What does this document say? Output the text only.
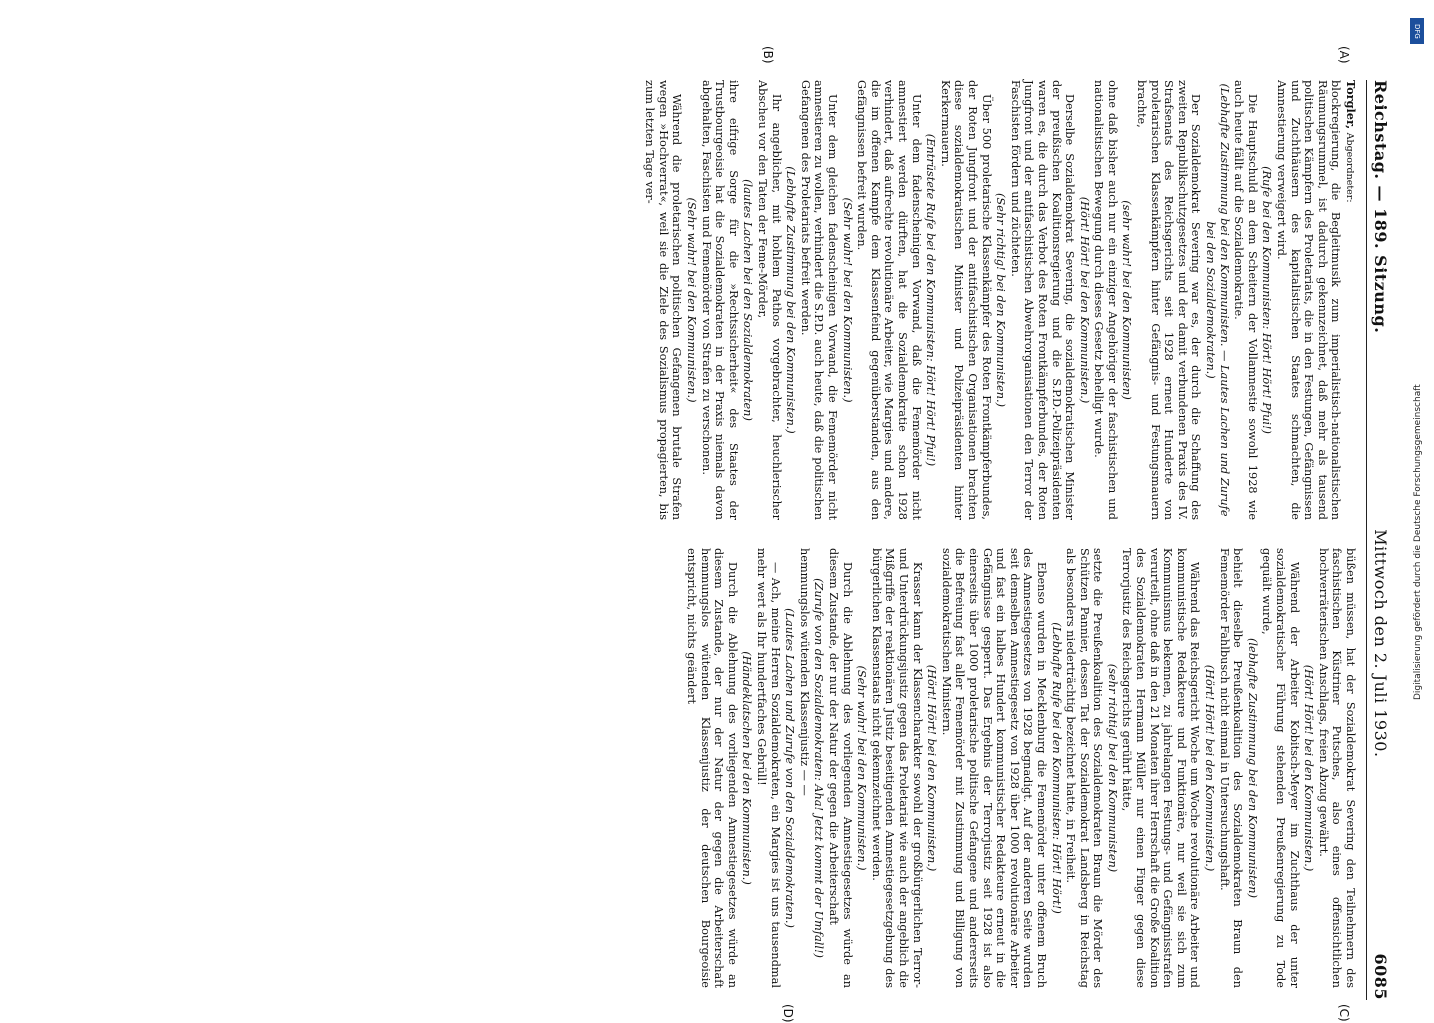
Reichstag. — 189. Sitzung.
Mittwoch den 2. Juli 1930.
6085
(A)
(B)
(C)
(D)

Torgler, Abgeordneter:

blockregierung, die Begleitmusik zum imperialistisch-nationalistischen Räumungsrummel, ist dadurch gekennzeichnet, daß mehr als tausend politischen Kämpfern des Proletariats, die in den Festungen, Gefängnissen und Zuchthäusern des kapitalistischen Staates schmachten, die Amnestierung verweigert wird.

(Rufe bei den Kommunisten: Hört! Hört! Pfui!)

Die Hauptschuld an dem Scheitern der Vollamnestie sowohl 1928 wie auch heute fällt auf die Sozialdemokratie.

(Lebhafte Zustimmung bei den Kommunisten. — Lautes Lachen und Zurufe bei den Sozialdemokraten.)

Der Sozialdemokrat Severing war es, der durch die Schaffung des zweiten Republikschutzgesetzes und der damit verbundenen Praxis des IV. Strafsenats des Reichsgerichts seit 1928 erneut Hunderte von proletarischen Klassenkämpfern hinter Gefängnis- und Festungsmauern brachte,

(sehr wahr! bei den Kommunisten)

ohne daß bisher auch nur ein einziger Angehöriger der faschistischen und nationalistischen Bewegung durch dieses Gesetz behelligt wurde.

(Hört! Hört! bei den Kommunisten.)

Derselbe Sozialdemokrat Severing, die sozialdemokratischen Minister der preußischen Koalitionsregierung und die S.P.D.-Polizeipräsidenten waren es, die durch das Verbot des Roten Frontkämpferbundes, der Roten Jungfront und der antifaschistischen Abwehrorganisationen den Terror der Faschisten fördern und züchteten.

(Sehr richtig! bei den Kommunisten.)

Über 500 proletarische Klassenkämpfer des Roten Frontkämpferbundes, der Roten Jungfront und der antifaschistischen Organisationen brachten diese sozialdemokratischen Minister und Polizeipräsidenten hinter Kerkermauern.

(Entrüstete Rufe bei den Kommunisten: Hört! Hört! Pfui!)

Unter dem fadenscheinigen Vorwand, daß die Fememörder nicht amnestiert werden dürften, hat die Sozialdemokratie schon 1928 verhindert, daß aufrechte revolutionäre Arbeiter, wie Margies und andere, die im offenen Kampfe dem Klassenfeind gegenüberstanden, aus den Gefängnissen befreit wurden.

(Sehr wahr! bei den Kommunisten.)

Unter dem gleichen fadenscheinigen Vorwand, die Fememörder nicht amnestieren zu wollen, verhindert die S.P.D. auch heute, daß die politischen Gefangenen des Proletariats befreit werden.

(Lebhafte Zustimmung bei den Kommunisten.)

Ihr angeblicher, mit hohlem Pathos vorgebrachter, heuchlerischer Abscheu vor den Taten der Feme-Mörder,

(lautes Lachen bei den Sozialdemokraten)

ihre eifrige Sorge für die »Rechtssicherheit« des Staates der Trustbourgeoisie hat die Sozialdemokraten in der Praxis niemals davon abgehalten, Faschisten und Fememörder von Strafen zu verschonen.

(Sehr wahr! bei den Kommunisten.)

Während die proletarischen politischen Gefangenen brutale Strafen wegen »Hochverrat«, weil sie die Ziele des Sozialismus propagierten, bis zum letzten Tage ver-

büßen müssen, hat der Sozialdemokrat Severing den Teilnehmern des faschistischen Küstriner Putsches, also eines offensichtlichen hochverräterischen Anschlags, freien Abzug gewährt.

(Hört! Hört! bei den Kommunisten.)

Während der Arbeiter Kobitsch-Meyer im Zuchthaus der unter sozialdemokratischer Führung stehenden Preußenregierung zu Tode gequält wurde,

(lebhafte Zustimmung bei den Kommunisten)

behielt dieselbe Preußenkoalition des Sozialdemokraten Braun den Fememörder Fahlbusch nicht einmal in Untersuchungshaft.

(Hört! Hört! bei den Kommunisten.)

Während das Reichsgericht Woche um Woche revolutionäre Arbeiter und kommunistische Redakteure und Funktionäre, nur weil sie sich zum Kommunismus bekennen, zu jahrelangen Festungs- und Gefängnisstrafen verurteilt, ohne daß in den 21 Monaten ihrer Herrschaft die Große Koalition des Sozialdemokraten Hermann Müller nur einen Finger gegen diese Terrorjustiz des Reichsgerichts gerührt hätte,

(sehr richtig! bei den Kommunisten)

setzte die Preußenkoalition des Sozialdemokraten Braun die Mörder des Schützen Pannier, dessen Tat der Sozialdemokrat Landsberg in Reichstag als besonders niederträchtig bezeichnet hatte, in Freiheit.

(Lebhafte Rufe bei den Kommunisten: Hört! Hört!)

Ebenso wurden in Mecklenburg die Fememörder unter offenem Bruch des Amnestiegesetzes von 1928 begnadigt. Auf der anderen Seite wurden seit demselben Amnestiegesetz von 1928 über 1000 revolutionäre Arbeiter und fast ein halbes Hundert kommunistischer Redakteure erneut in die Gefängnisse gesperrt. Das Ergebnis der Terrorjustiz seit 1928 ist also einerseits über 1000 proletarische politische Gefangene und andererseits die Befreiung fast aller Fememörder mit Zustimmung und Billigung von sozialdemokratischen Ministern.

(Hört! Hört! bei den Kommunisten.)

Krasser kann der Klassencharakter sowohl der großbürgerlichen Terror- und Unterdrückungsjustiz gegen das Proletariat wie auch der angeblich die Mißgriffe der reaktionären Justiz beseitigenden Amnestiegesetzgebung des bürgerlichen Klassenstaats nicht gekennzeichnet werden.

(Sehr wahr! bei den Kommunisten.)

Durch die Ablehnung des vorliegenden Amnestiegesetzes würde an diesem Zustande, der nur der Natur der gegen die Arbeiterschaft

(Zurufe von den Sozialdemokraten: Aha! Jetzt kommt der Umfall!)

hemmungslos wütenden Klassenjustiz — —

(Lautes Lachen und Zurufe von den Sozialdemokraten.)

— Ach, meine Herren Sozialdemokraten, ein Margies ist uns tausendmal mehr wert als Ihr hundertfaches Gebrüll!

(Händeklatschen bei den Kommunisten.)

Durch die Ablehnung des vorliegenden Amnestiegesetzes würde an diesem Zustande, der nur der Natur der gegen die Arbeiterschaft hemmungslos wütenden Klassenjustiz der deutschen Bourgeoisie entspricht, nichts geändert

DFG
Digitalisierung gefördert durch die Deutsche Forschungsgemeinschaft
